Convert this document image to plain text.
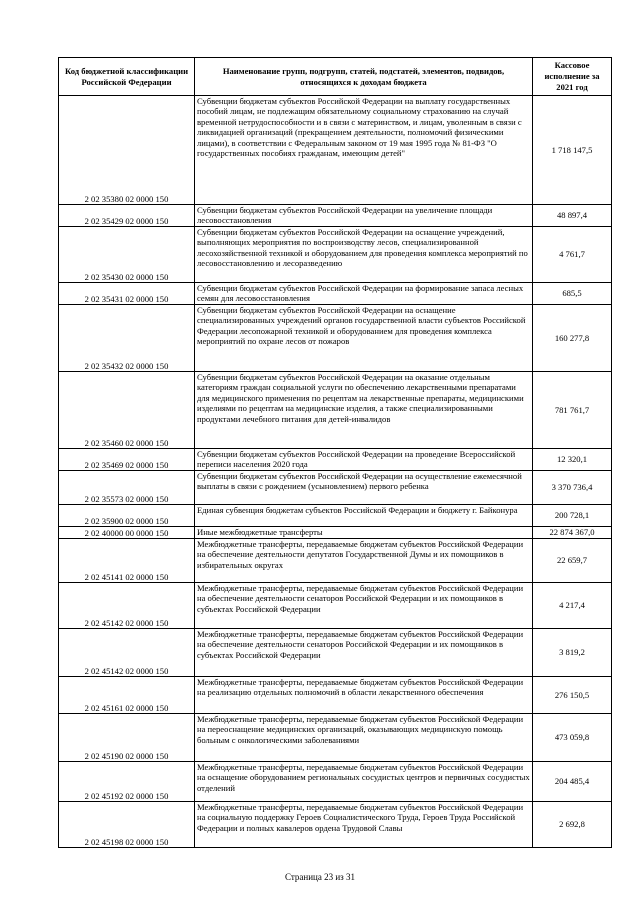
Код бюджетной классификации Российской Федерации	Наименование групп, подгрупп, статей, подстатей, элементов, подвидов, относящихся к доходам бюджета	Кассовое исполнение за 2021 год
2 02 35380 02 0000 150	Субвенции бюджетам субъектов Российской Федерации на выплату государственных пособий лицам, не подлежащим обязательному социальному страхованию на случай временной нетрудоспособности и в связи с материнством, и лицам, уволенным в связи с ликвидацией организаций (прекращением деятельности, полномочий физическими лицами), в соответствии с Федеральным законом от 19 мая 1995 года № 81-ФЗ "О государственных пособиях гражданам, имеющим детей"	1 718 147,5
2 02 35429 02 0000 150	Субвенции бюджетам субъектов Российской Федерации на увеличение площади лесовосстановления	48 897,4
2 02 35430 02 0000 150	Субвенции бюджетам субъектов Российской Федерации на оснащение учреждений, выполняющих мероприятия по воспроизводству лесов, специализированной лесохозяйственной техникой и оборудованием для проведения комплекса мероприятий по лесовосстановлению и лесоразведению	4 761,7
2 02 35431 02 0000 150	Субвенции бюджетам субъектов Российской Федерации на формирование запаса лесных семян для лесовосстановления	685,5
2 02 35432 02 0000 150	Субвенции бюджетам субъектов Российской Федерации на оснащение специализированных учреждений органов государственной власти субъектов Российской Федерации лесопожарной техникой и оборудованием для проведения комплекса мероприятий по охране лесов от пожаров	160 277,8
2 02 35460 02 0000 150	Субвенции бюджетам субъектов Российской Федерации на оказание отдельным категориям граждан социальной услуги по обеспечению лекарственными препаратами для медицинского применения по рецептам на лекарственные препараты, медицинскими изделиями по рецептам на медицинские изделия, а также специализированными продуктами лечебного питания для детей-инвалидов	781 761,7
2 02 35469 02 0000 150	Субвенции бюджетам субъектов Российской Федерации на проведение Всероссийской переписи населения 2020 года	12 320,1
2 02 35573 02 0000 150	Субвенции бюджетам субъектов Российской Федерации на осуществление ежемесячной выплаты в связи с рождением (усыновлением) первого ребенка	3 370 736,4
2 02 35900 02 0000 150	Единая субвенция бюджетам субъектов Российской Федерации и бюджету г. Байконура	200 728,1
2 02 40000 00 0000 150	Иные межбюджетные трансферты	22 874 367,0
2 02 45141 02 0000 150	Межбюджетные трансферты, передаваемые бюджетам субъектов Российской Федерации на обеспечение деятельности депутатов Государственной Думы и их помощников в избирательных округах	22 659,7
2 02 45142 02 0000 150	Межбюджетные трансферты, передаваемые бюджетам субъектов Российской Федерации на обеспечение деятельности сенаторов Российской Федерации и их помощников в субъектах Российской Федерации	4 217,4
2 02 45142 02 0000 150	Межбюджетные трансферты, передаваемые бюджетам субъектов Российской Федерации на обеспечение деятельности сенаторов Российской Федерации и их помощников в субъектах Российской Федерации	3 819,2
2 02 45161 02 0000 150	Межбюджетные трансферты, передаваемые бюджетам субъектов Российской Федерации на реализацию отдельных полномочий в области лекарственного обеспечения	276 150,5
2 02 45190 02 0000 150	Межбюджетные трансферты, передаваемые бюджетам субъектов Российской Федерации на переоснащение медицинских организаций, оказывающих медицинскую помощь больным с онкологическими заболеваниями	473 059,8
2 02 45192 02 0000 150	Межбюджетные трансферты, передаваемые бюджетам субъектов Российской Федерации на оснащение оборудованием региональных сосудистых центров и первичных сосудистых отделений	204 485,4
2 02 45198 02 0000 150	Межбюджетные трансферты, передаваемые бюджетам субъектов Российской Федерации на социальную поддержку Героев Социалистического Труда, Героев Труда Российской Федерации и полных кавалеров ордена Трудовой Славы	2 692,8
Страница 23 из 31
